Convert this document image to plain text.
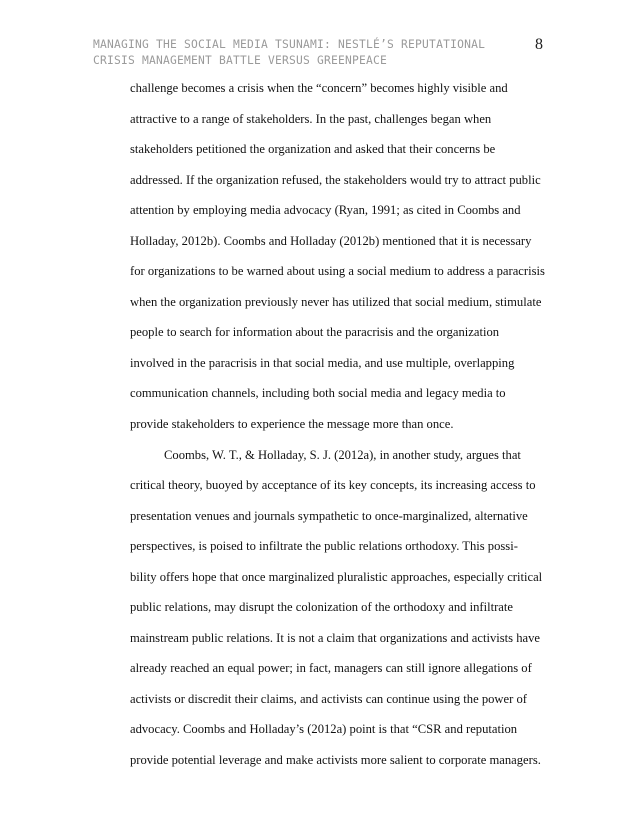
MANAGING THE SOCIAL MEDIA TSUNAMI: NESTLÉ’S REPUTATIONAL
CRISIS MANAGEMENT BATTLE VERSUS GREENPEACE
8
challenge becomes a crisis when the “concern” becomes highly visible and
attractive to a range of stakeholders. In the past, challenges began when
stakeholders petitioned the organization and asked that their concerns be
addressed. If the organization refused, the stakeholders would try to attract public
attention by employing media advocacy (Ryan, 1991; as cited in Coombs and
Holladay, 2012b). Coombs and Holladay (2012b) mentioned that it is necessary
for organizations to be warned about using a social medium to address a paracrisis
when the organization previously never has utilized that social medium, stimulate
people to search for information about the paracrisis and the organization
involved in the paracrisis in that social media, and use multiple, overlapping
communication channels, including both social media and legacy media to
provide stakeholders to experience the message more than once.
Coombs, W. T., & Holladay, S. J. (2012a), in another study, argues that
critical theory, buoyed by acceptance of its key concepts, its increasing access to
presentation venues and journals sympathetic to once-marginalized, alternative
perspectives, is poised to infiltrate the public relations orthodoxy. This possi-
bility offers hope that once marginalized pluralistic approaches, especially critical
public relations, may disrupt the colonization of the orthodoxy and infiltrate
mainstream public relations. It is not a claim that organizations and activists have
already reached an equal power; in fact, managers can still ignore allegations of
activists or discredit their claims, and activists can continue using the power of
advocacy. Coombs and Holladay’s (2012a) point is that “CSR and reputation
provide potential leverage and make activists more salient to corporate managers.
